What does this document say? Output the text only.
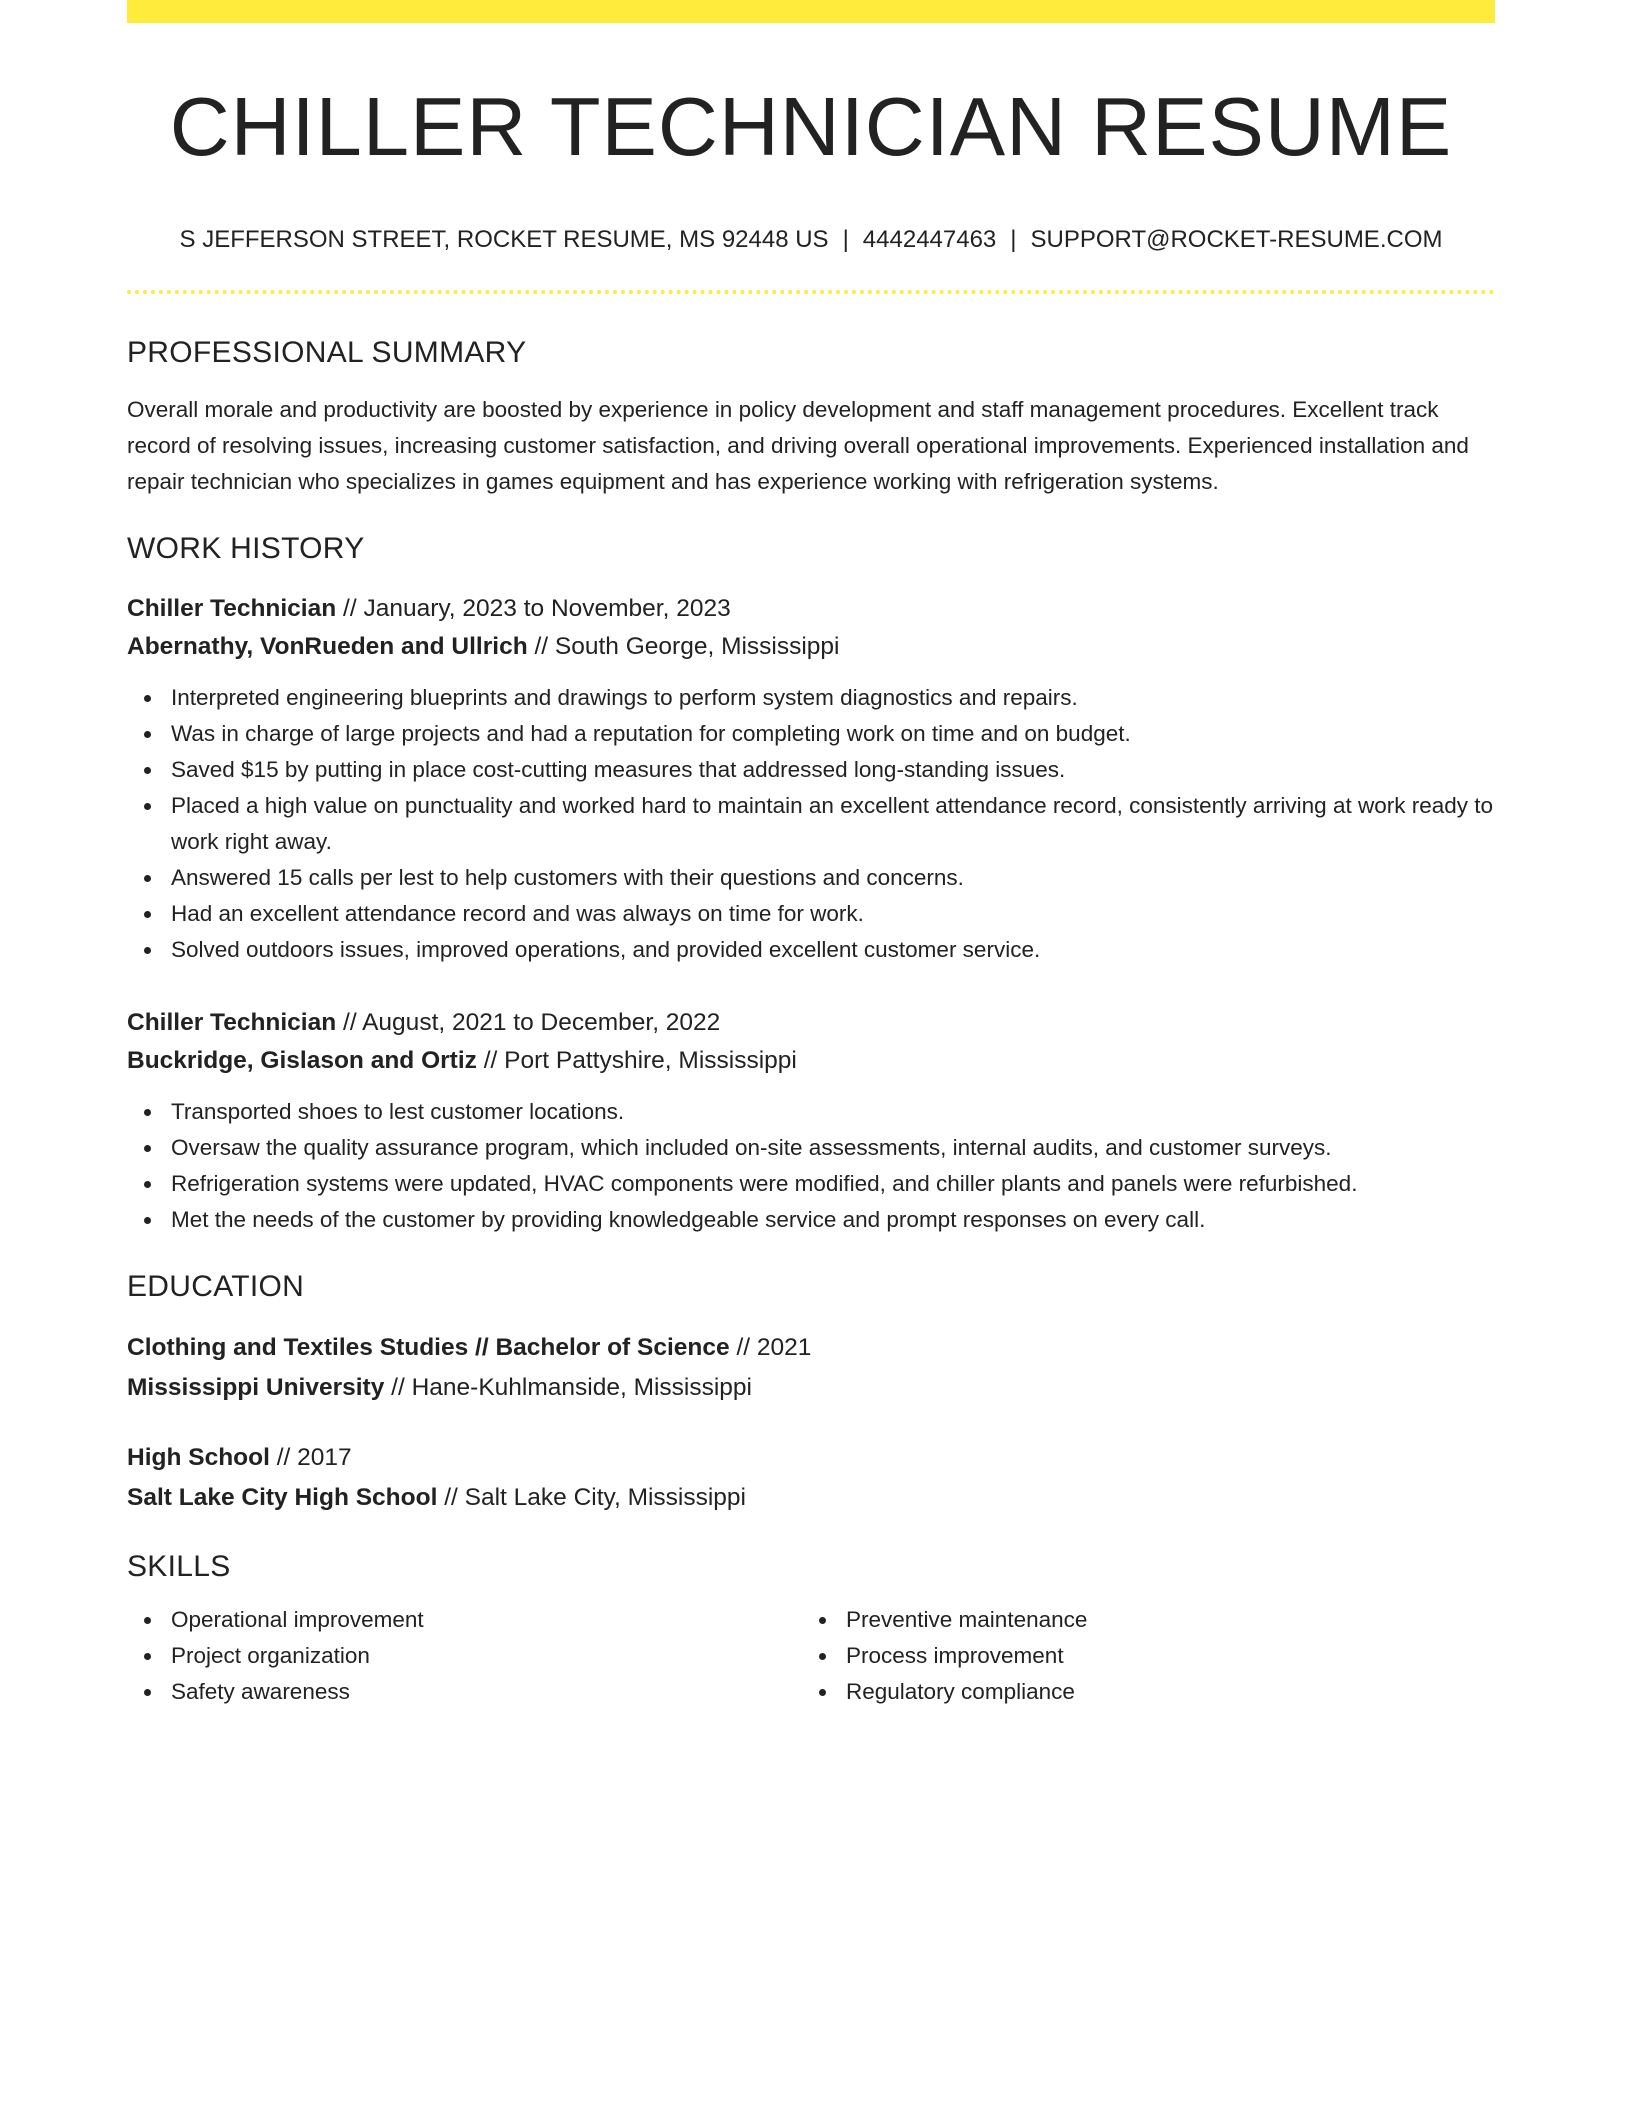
CHILLER TECHNICIAN RESUME
S JEFFERSON STREET, ROCKET RESUME, MS 92448 US | 4442447463 | SUPPORT@ROCKET-RESUME.COM
PROFESSIONAL SUMMARY

Overall morale and productivity are boosted by experience in policy development and staff management procedures. Excellent track record of resolving issues, increasing customer satisfaction, and driving overall operational improvements. Experienced installation and repair technician who specializes in games equipment and has experience working with refrigeration systems.

WORK HISTORY
Chiller Technician // January, 2023 to November, 2023
Abernathy, VonRueden and Ullrich // South George, Mississippi
Interpreted engineering blueprints and drawings to perform system diagnostics and repairs.
Was in charge of large projects and had a reputation for completing work on time and on budget.
Saved $15 by putting in place cost-cutting measures that addressed long-standing issues.
Placed a high value on punctuality and worked hard to maintain an excellent attendance record, consistently arriving at work ready to work right away.
Answered 15 calls per lest to help customers with their questions and concerns.
Had an excellent attendance record and was always on time for work.
Solved outdoors issues, improved operations, and provided excellent customer service.
Chiller Technician // August, 2021 to December, 2022
Buckridge, Gislason and Ortiz // Port Pattyshire, Mississippi
Transported shoes to lest customer locations.
Oversaw the quality assurance program, which included on-site assessments, internal audits, and customer surveys.
Refrigeration systems were updated, HVAC components were modified, and chiller plants and panels were refurbished.
Met the needs of the customer by providing knowledgeable service and prompt responses on every call.
EDUCATION
Clothing and Textiles Studies // Bachelor of Science // 2021
Mississippi University // Hane-Kuhlmanside, Mississippi
High School // 2017
Salt Lake City High School // Salt Lake City, Mississippi
SKILLS
Operational improvement
Project organization
Safety awareness
Preventive maintenance
Process improvement
Regulatory compliance
